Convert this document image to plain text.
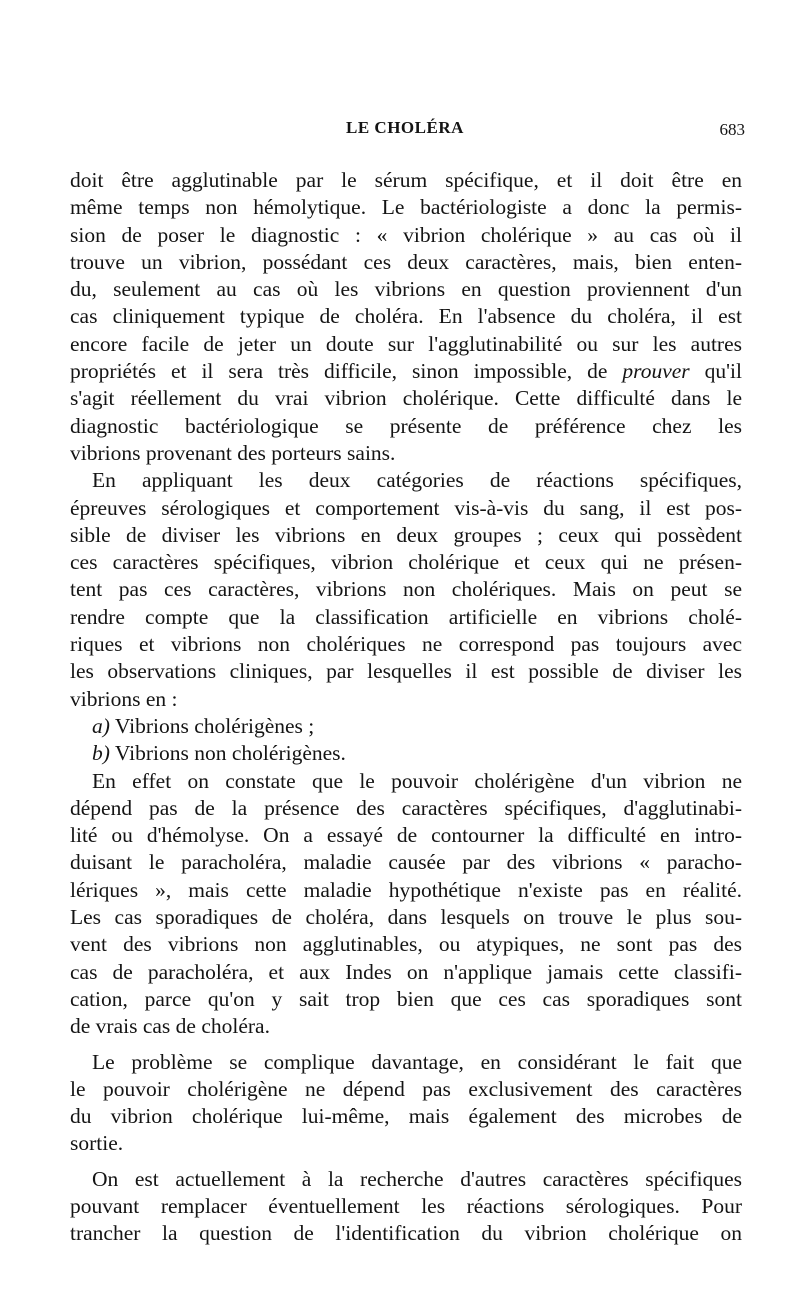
LE CHOLÉRA	683
doit être agglutinable par le sérum spécifique, et il doit être en
même temps non hémolytique. Le bactériologiste a donc la permis-
sion de poser le diagnostic : « vibrion cholérique » au cas où il
trouve un vibrion, possédant ces deux caractères, mais, bien enten-
du, seulement au cas où les vibrions en question proviennent d'un
cas cliniquement typique de choléra. En l'absence du choléra, il est
encore facile de jeter un doute sur l'agglutinabilité ou sur les autres
propriétés et il sera très difficile, sinon impossible, de prouver qu'il
s'agit réellement du vrai vibrion cholérique. Cette difficulté dans le
diagnostic bactériologique se présente de préférence chez les
vibrions provenant des porteurs sains.
En appliquant les deux catégories de réactions spécifiques,
épreuves sérologiques et comportement vis-à-vis du sang, il est pos-
sible de diviser les vibrions en deux groupes ; ceux qui possèdent
ces caractères spécifiques, vibrion cholérique et ceux qui ne présen-
tent pas ces caractères, vibrions non cholériques. Mais on peut se
rendre compte que la classification artificielle en vibrions cholé-
riques et vibrions non cholériques ne correspond pas toujours avec
les observations cliniques, par lesquelles il est possible de diviser les
vibrions en :
a) Vibrions cholérigènes ;
b) Vibrions non cholérigènes.
En effet on constate que le pouvoir cholérigène d'un vibrion ne
dépend pas de la présence des caractères spécifiques, d'agglutinabi-
lité ou d'hémolyse. On a essayé de contourner la difficulté en intro-
duisant le paracholéra, maladie causée par des vibrions « paracho-
lériques », mais cette maladie hypothétique n'existe pas en réalité.
Les cas sporadiques de choléra, dans lesquels on trouve le plus sou-
vent des vibrions non agglutinables, ou atypiques, ne sont pas des
cas de paracholéra, et aux Indes on n'applique jamais cette classifi-
cation, parce qu'on y sait trop bien que ces cas sporadiques sont
de vrais cas de choléra.
Le problème se complique davantage, en considérant le fait que
le pouvoir cholérigène ne dépend pas exclusivement des caractères
du vibrion cholérique lui-même, mais également des microbes de
sortie.
On est actuellement à la recherche d'autres caractères spécifiques
pouvant remplacer éventuellement les réactions sérologiques. Pour
trancher la question de l'identification du vibrion cholérique on
